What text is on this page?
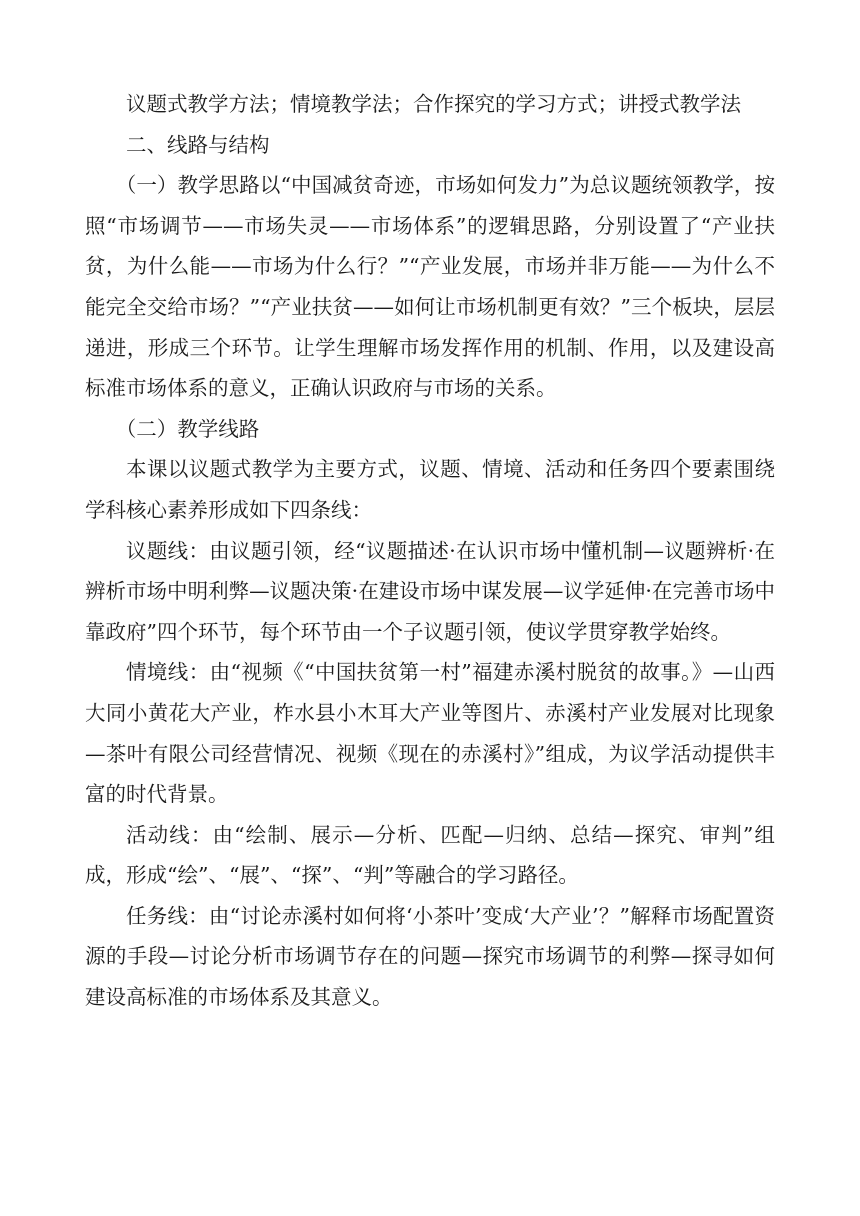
议题式教学方法；情境教学法；合作探究的学习方式；讲授式教学法

二、线路与结构

（一）教学思路以“中国减贫奇迹，市场如何发力”为总议题统领教学，按照“市场调节——市场失灵——市场体系”的逻辑思路，分别设置了“产业扶贫，为什么能——市场为什么行？”“产业发展，市场并非万能——为什么不能完全交给市场？”“产业扶贫——如何让市场机制更有效？”三个板块，层层递进，形成三个环节。让学生理解市场发挥作用的机制、作用，以及建设高标准市场体系的意义，正确认识政府与市场的关系。

（二）教学线路

本课以议题式教学为主要方式，议题、情境、活动和任务四个要素围绕学科核心素养形成如下四条线：

议题线：由议题引领，经“议题描述·在认识市场中懂机制—议题辨析·在辨析市场中明利弊—议题决策·在建设市场中谋发展—议学延伸·在完善市场中靠政府”四个环节，每个环节由一个子议题引领，使议学贯穿教学始终。

情境线：由“视频《“中国扶贫第一村”福建赤溪村脱贫的故事。》—山西大同小黄花大产业，柞水县小木耳大产业等图片、赤溪村产业发展对比现象—茶叶有限公司经营情况、视频《现在的赤溪村》”组成，为议学活动提供丰富的时代背景。

活动线：由“绘制、展示—分析、匹配—归纳、总结—探究、审判”组成，形成“绘”、“展”、“探”、“判”等融合的学习路径。

任务线：由“讨论赤溪村如何将‘小茶叶’变成‘大产业’？”解释市场配置资源的手段—讨论分析市场调节存在的问题—探究市场调节的利弊—探寻如何建设高标准的市场体系及其意义。
